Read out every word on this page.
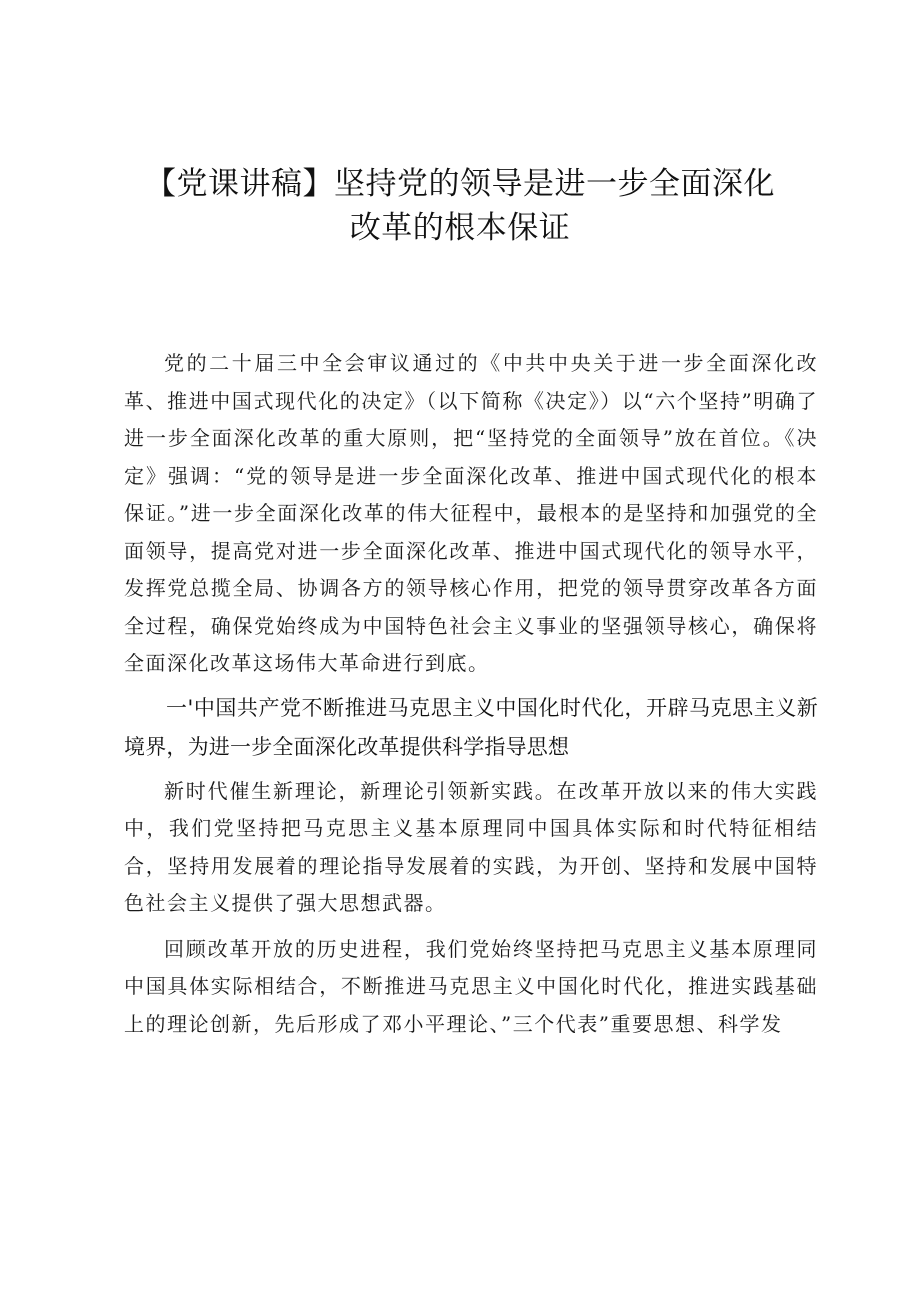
【党课讲稿】坚持党的领导是进一步全面深化
改革的根本保证

党的二十届三中全会审议通过的《中共中央关于进一步全面深化改革、推进中国式现代化的决定》（以下简称《决定》）以“六个坚持”明确了进一步全面深化改革的重大原则，把“坚持党的全面领导”放在首位。《决定》强调：“党的领导是进一步全面深化改革、推进中国式现代化的根本保证。”进一步全面深化改革的伟大征程中，最根本的是坚持和加强党的全面领导，提高党对进一步全面深化改革、推进中国式现代化的领导水平，发挥党总揽全局、协调各方的领导核心作用，把党的领导贯穿改革各方面全过程，确保党始终成为中国特色社会主义事业的坚强领导核心，确保将全面深化改革这场伟大革命进行到底。

一'中国共产党不断推进马克思主义中国化时代化，开辟马克思主义新境界，为进一步全面深化改革提供科学指导思想

新时代催生新理论，新理论引领新实践。在改革开放以来的伟大实践中，我们党坚持把马克思主义基本原理同中国具体实际和时代特征相结合，坚持用发展着的理论指导发展着的实践，为开创、坚持和发展中国特色社会主义提供了强大思想武器。

回顾改革开放的历史进程，我们党始终坚持把马克思主义基本原理同中国具体实际相结合，不断推进马克思主义中国化时代化，推进实践基础上的理论创新，先后形成了邓小平理论、”三个代表”重要思想、科学发
